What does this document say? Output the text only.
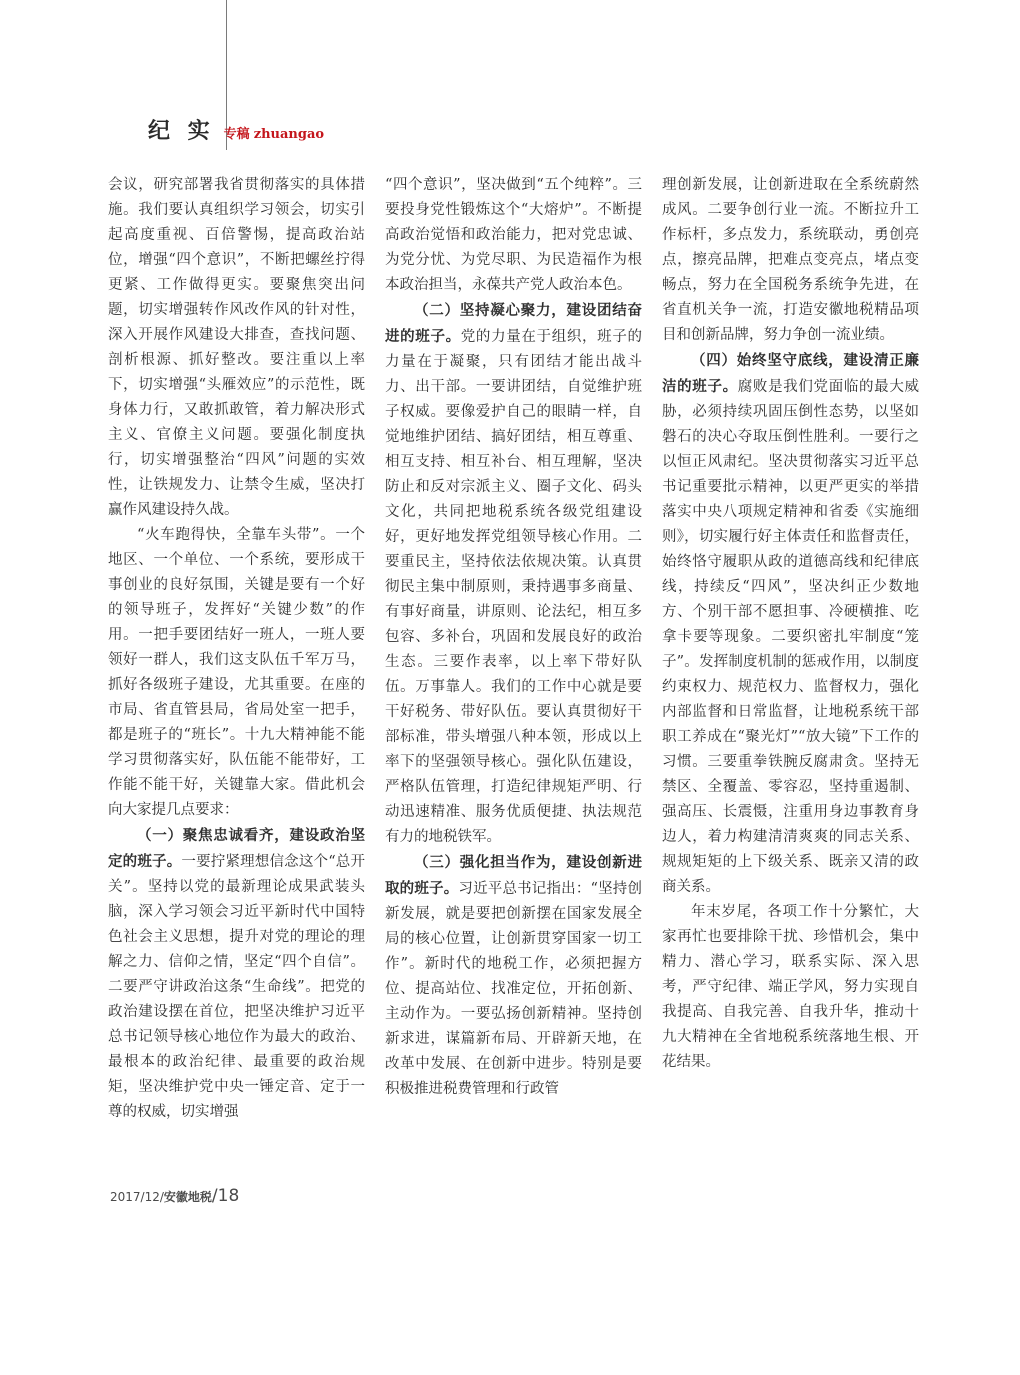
纪 实 专稿 zhuangao

会议，研究部署我省贯彻落实的具体措施。我们要认真组织学习领会，切实引起高度重视、百倍警惕，提高政治站位，增强“四个意识”，不断把螺丝拧得更紧、工作做得更实。要聚焦突出问题，切实增强转作风改作风的针对性，深入开展作风建设大排查，查找问题、剖析根源、抓好整改。要注重以上率下，切实增强“头雁效应”的示范性，既身体力行，又敢抓敢管，着力解决形式主义、官僚主义问题。要强化制度执行，切实增强整治“四风”问题的实效性，让铁规发力、让禁令生威，坚决打赢作风建设持久战。

“火车跑得快，全靠车头带”。一个地区、一个单位、一个系统，要形成干事创业的良好氛围，关键是要有一个好的领导班子，发挥好“关键少数”的作用。一把手要团结好一班人，一班人要领好一群人，我们这支队伍千军万马，抓好各级班子建设，尤其重要。在座的市局、省直管县局，省局处室一把手，都是班子的“班长”。十九大精神能不能学习贯彻落实好，队伍能不能带好，工作能不能干好，关键靠大家。借此机会向大家提几点要求：

（一）聚焦忠诚看齐，建设政治坚定的班子。一要拧紧理想信念这个“总开关”。坚持以党的最新理论成果武装头脑，深入学习领会习近平新时代中国特色社会主义思想，提升对党的理论的理解之力、信仰之情，坚定“四个自信”。二要严守讲政治这条“生命线”。把党的政治建设摆在首位，把坚决维护习近平总书记领导核心地位作为最大的政治、最根本的政治纪律、最重要的政治规矩，坚决维护党中央一锤定音、定于一尊的权威，切实增强

“四个意识”，坚决做到“五个纯粹”。三要投身党性锻炼这个“大熔炉”。不断提高政治觉悟和政治能力，把对党忠诚、为党分忧、为党尽职、为民造福作为根本政治担当，永葆共产党人政治本色。

（二）坚持凝心聚力，建设团结奋进的班子。党的力量在于组织，班子的力量在于凝聚，只有团结才能出战斗力、出干部。一要讲团结，自觉维护班子权威。要像爱护自己的眼睛一样，自觉地维护团结、搞好团结，相互尊重、相互支持、相互补台、相互理解，坚决防止和反对宗派主义、圈子文化、码头文化，共同把地税系统各级党组建设好，更好地发挥党组领导核心作用。二要重民主，坚持依法依规决策。认真贯彻民主集中制原则，秉持遇事多商量、有事好商量，讲原则、论法纪，相互多包容、多补台，巩固和发展良好的政治生态。三要作表率，以上率下带好队伍。万事靠人。我们的工作中心就是要干好税务、带好队伍。要认真贯彻好干部标准，带头增强八种本领，形成以上率下的坚强领导核心。强化队伍建设，严格队伍管理，打造纪律规矩严明、行动迅速精准、服务优质便捷、执法规范有力的地税铁军。

（三）强化担当作为，建设创新进取的班子。习近平总书记指出：“坚持创新发展，就是要把创新摆在国家发展全局的核心位置，让创新贯穿国家一切工作”。新时代的地税工作，必须把握方位、提高站位、找准定位，开拓创新、主动作为。一要弘扬创新精神。坚持创新求进，谋篇新布局、开辟新天地，在改革中发展、在创新中进步。特别是要积极推进税费管理和行政管

理创新发展，让创新进取在全系统蔚然成风。二要争创行业一流。不断拉升工作标杆，多点发力，系统联动，勇创亮点，擦亮品牌，把难点变亮点，堵点变畅点，努力在全国税务系统争先进，在省直机关争一流，打造安徽地税精品项目和创新品牌，努力争创一流业绩。

（四）始终坚守底线，建设清正廉洁的班子。腐败是我们党面临的最大威胁，必须持续巩固压倒性态势，以坚如磐石的决心夺取压倒性胜利。一要行之以恒正风肃纪。坚决贯彻落实习近平总书记重要批示精神，以更严更实的举措落实中央八项规定精神和省委《实施细则》，切实履行好主体责任和监督责任，始终恪守履职从政的道德高线和纪律底线，持续反“四风”，坚决纠正少数地方、个别干部不愿担事、冷硬横推、吃拿卡要等现象。二要织密扎牢制度“笼子”。发挥制度机制的惩戒作用，以制度约束权力、规范权力、监督权力，强化内部监督和日常监督，让地税系统干部职工养成在“聚光灯”“放大镜”下工作的习惯。三要重拳铁腕反腐肃贪。坚持无禁区、全覆盖、零容忍，坚持重遏制、强高压、长震慑，注重用身边事教育身边人，着力构建清清爽爽的同志关系、规规矩矩的上下级关系、既亲又清的政商关系。

年末岁尾，各项工作十分繁忙，大家再忙也要排除干扰、珍惜机会，集中精力、潜心学习，联系实际、深入思考，严守纪律、端正学风，努力实现自我提高、自我完善、自我升华，推动十九大精神在全省地税系统落地生根、开花结果。

2017/12/安徽地税/18
